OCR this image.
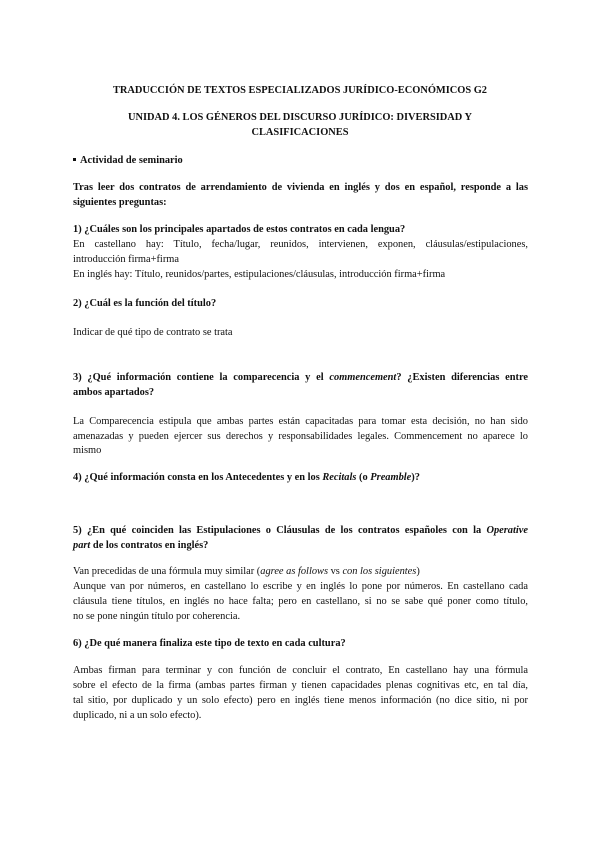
TRADUCCIÓN DE TEXTOS ESPECIALIZADOS JURÍDICO-ECONÓMICOS G2
UNIDAD 4. LOS GÉNEROS DEL DISCURSO JURÍDICO: DIVERSIDAD Y
CLASIFICACIONES
Actividad de seminario
Tras leer dos contratos de arrendamiento de vivienda en inglés y dos en español, responde a las
siguientes preguntas:
1) ¿Cuáles son los principales apartados de estos contratos en cada lengua?
En castellano hay: Título, fecha/lugar, reunidos, intervienen, exponen, cláusulas/estipulaciones,
introducción firma+firma
En inglés hay: Título, reunidos/partes, estipulaciones/cláusulas, introducción firma+firma
2) ¿Cuál es la función del título?
Indicar de qué tipo de contrato se trata
3) ¿Qué información contiene la comparecencia y el commencement? ¿Existen diferencias entre
ambos apartados?
La Comparecencia estipula que ambas partes están capacitadas para tomar esta decisión, no han sido
amenazadas y pueden ejercer sus derechos y responsabilidades legales. Commencement no aparece lo
mismo
4) ¿Qué información consta en los Antecedentes y en los Recitals (o Preamble)?
5) ¿En qué coinciden las Estipulaciones o Cláusulas de los contratos españoles con la Operative
part de los contratos en inglés?
Van precedidas de una fórmula muy similar (agree as follows vs con los siguientes)
Aunque van por números, en castellano lo escribe y en inglés lo pone por números. En castellano cada
cláusula tiene títulos, en inglés no hace falta; pero en castellano, si no se sabe qué poner como título,
no se pone ningún título por coherencia.
6) ¿De qué manera finaliza este tipo de texto en cada cultura?
Ambas firman para terminar y con función de concluir el contrato, En castellano hay una fórmula
sobre el efecto de la firma (ambas partes firman y tienen capacidades plenas cognitivas etc, en tal día,
tal sitio, por duplicado y un solo efecto) pero en inglés tiene menos información (no dice sitio, ni por
duplicado, ni a un solo efecto).
